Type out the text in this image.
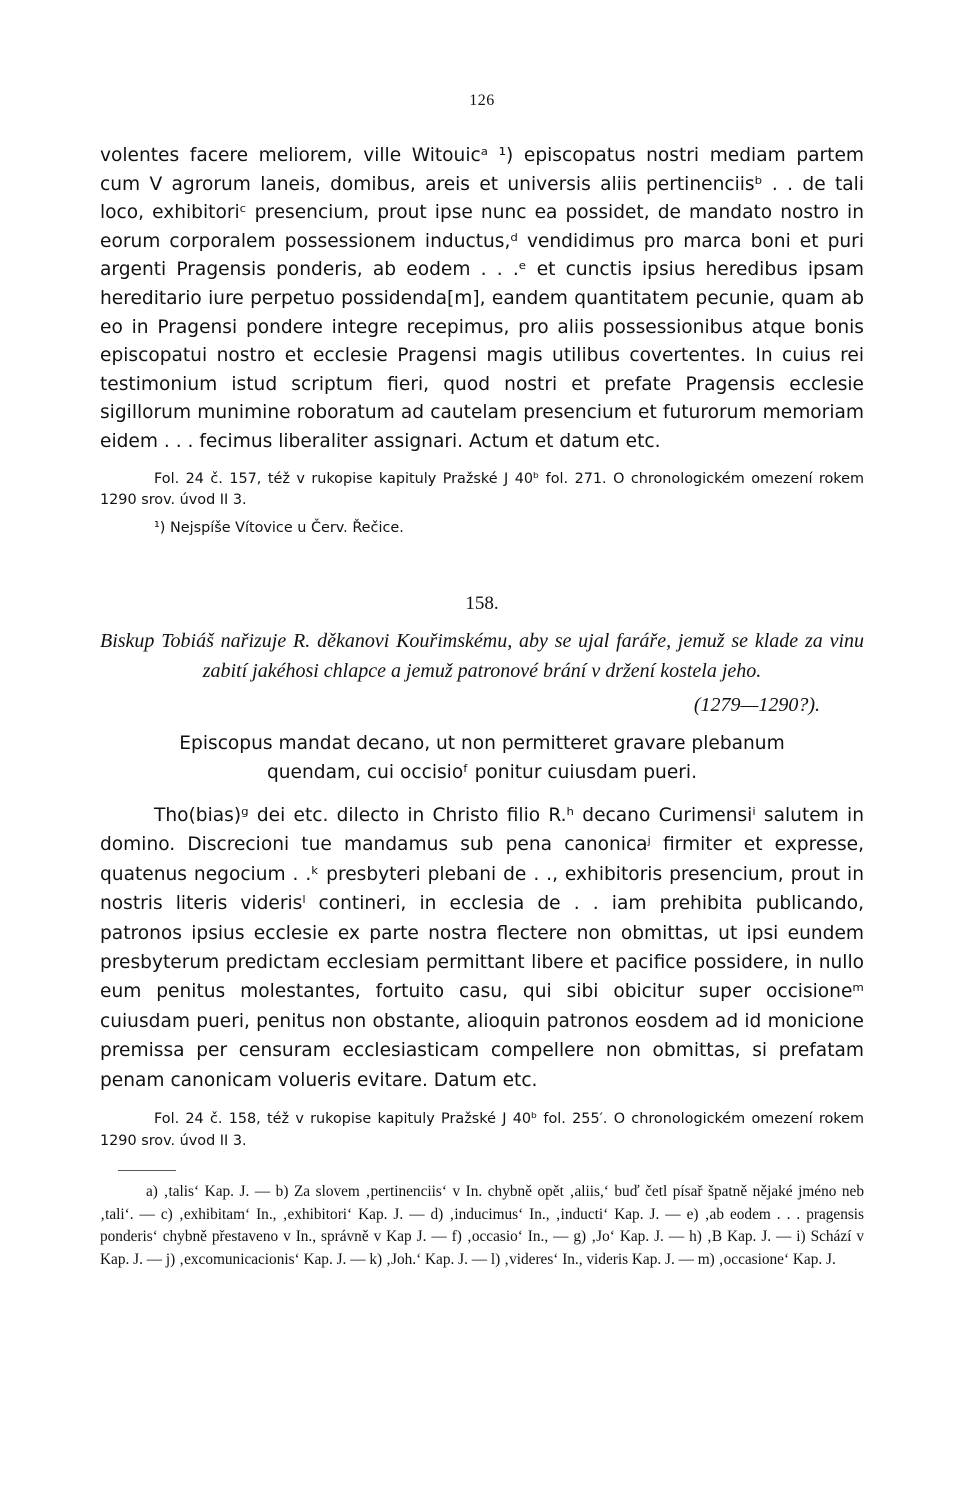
126

volentes facere meliorem, ville Witouicᵃ ¹) episcopatus nostri mediam partem cum V agrorum laneis, domibus, areis et universis aliis pertinenciisᵇ . . de tali loco, exhibitoriᶜ presencium, prout ipse nunc ea possidet, de mandato nostro in eorum corporalem possessionem inductus,ᵈ vendidimus pro marca boni et puri argenti Pragensis ponderis, ab eodem . . .ᵉ et cunctis ipsius heredibus ipsam hereditario iure perpetuo possidenda[m], eandem quantitatem pecunie, quam ab eo in Pragensi pondere integre recepimus, pro aliis possessionibus atque bonis episcopatui nostro et ecclesie Pragensi magis utilibus covertentes. In cuius rei testimonium istud scriptum fieri, quod nostri et prefate Pragensis ecclesie sigillorum munimine roboratum ad cautelam presencium et futurorum memoriam eidem . . . fecimus liberaliter assignari. Actum et datum etc.

Fol. 24 č. 157, též v rukopise kapituly Pražské J 40ᵇ fol. 271. O chronologickém omezení rokem 1290 srov. úvod II 3.

¹) Nejspíše Vítovice u Červ. Řečice.

158.

Biskup Tobiáš nařizuje R. děkanovi Kouřimskému, aby se ujal faráře, jemuž se klade za vinu zabití jakéhosi chlapce a jemuž patronové brání v držení kostela jeho.

(1279—1290?).

Episcopus mandat decano, ut non permitteret gravare plebanum quendam, cui occisioᶠ ponitur cuiusdam pueri.

Tho(bias)ᵍ dei etc. dilecto in Christo filio R.ʰ decano Curimensiⁱ salutem in domino. Discrecioni tue mandamus sub pena canonicaʲ firmiter et expresse, quatenus negocium . .ᵏ presbyteri plebani de . ., exhibitoris presencium, prout in nostris literis viderisˡ contineri, in ecclesia de . . iam prehibita publicando, patronos ipsius ecclesie ex parte nostra flectere non obmittas, ut ipsi eundem presbyterum predictam ecclesiam permittant libere et pacifice possidere, in nullo eum penitus molestantes, fortuito casu, qui sibi obicitur super occisioneᵐ cuiusdam pueri, penitus non obstante, alioquin patronos eosdem ad id monicione premissa per censuram ecclesiasticam compellere non obmittas, si prefatam penam canonicam volueris evitare. Datum etc.

Fol. 24 č. 158, též v rukopise kapituly Pražské J 40ᵇ fol. 255′. O chronologickém omezení rokem 1290 srov. úvod II 3.

a) ‚talis‘ Kap. J. — b) Za slovem ‚pertinenciis‘ v In. chybně opět ‚aliis,‘ buď četl písař špatně nějaké jméno neb ‚tali‘. — c) ‚exhibitam‘ In., ‚exhibitori‘ Kap. J. — d) ‚inducimus‘ In., ‚inducti‘ Kap. J. — e) ‚ab eodem . . . pragensis ponderis‘ chybně přestaveno v In., správně v Kap J. — f) ‚occasio‘ In., — g) ‚Jo‘ Kap. J. — h) ‚B Kap. J. — i) Schází v Kap. J. — j) ‚excomunicacionis‘ Kap. J. — k) ‚Joh.‘ Kap. J. — l) ‚videres‘ In., videris Kap. J. — m) ‚occasione‘ Kap. J.
